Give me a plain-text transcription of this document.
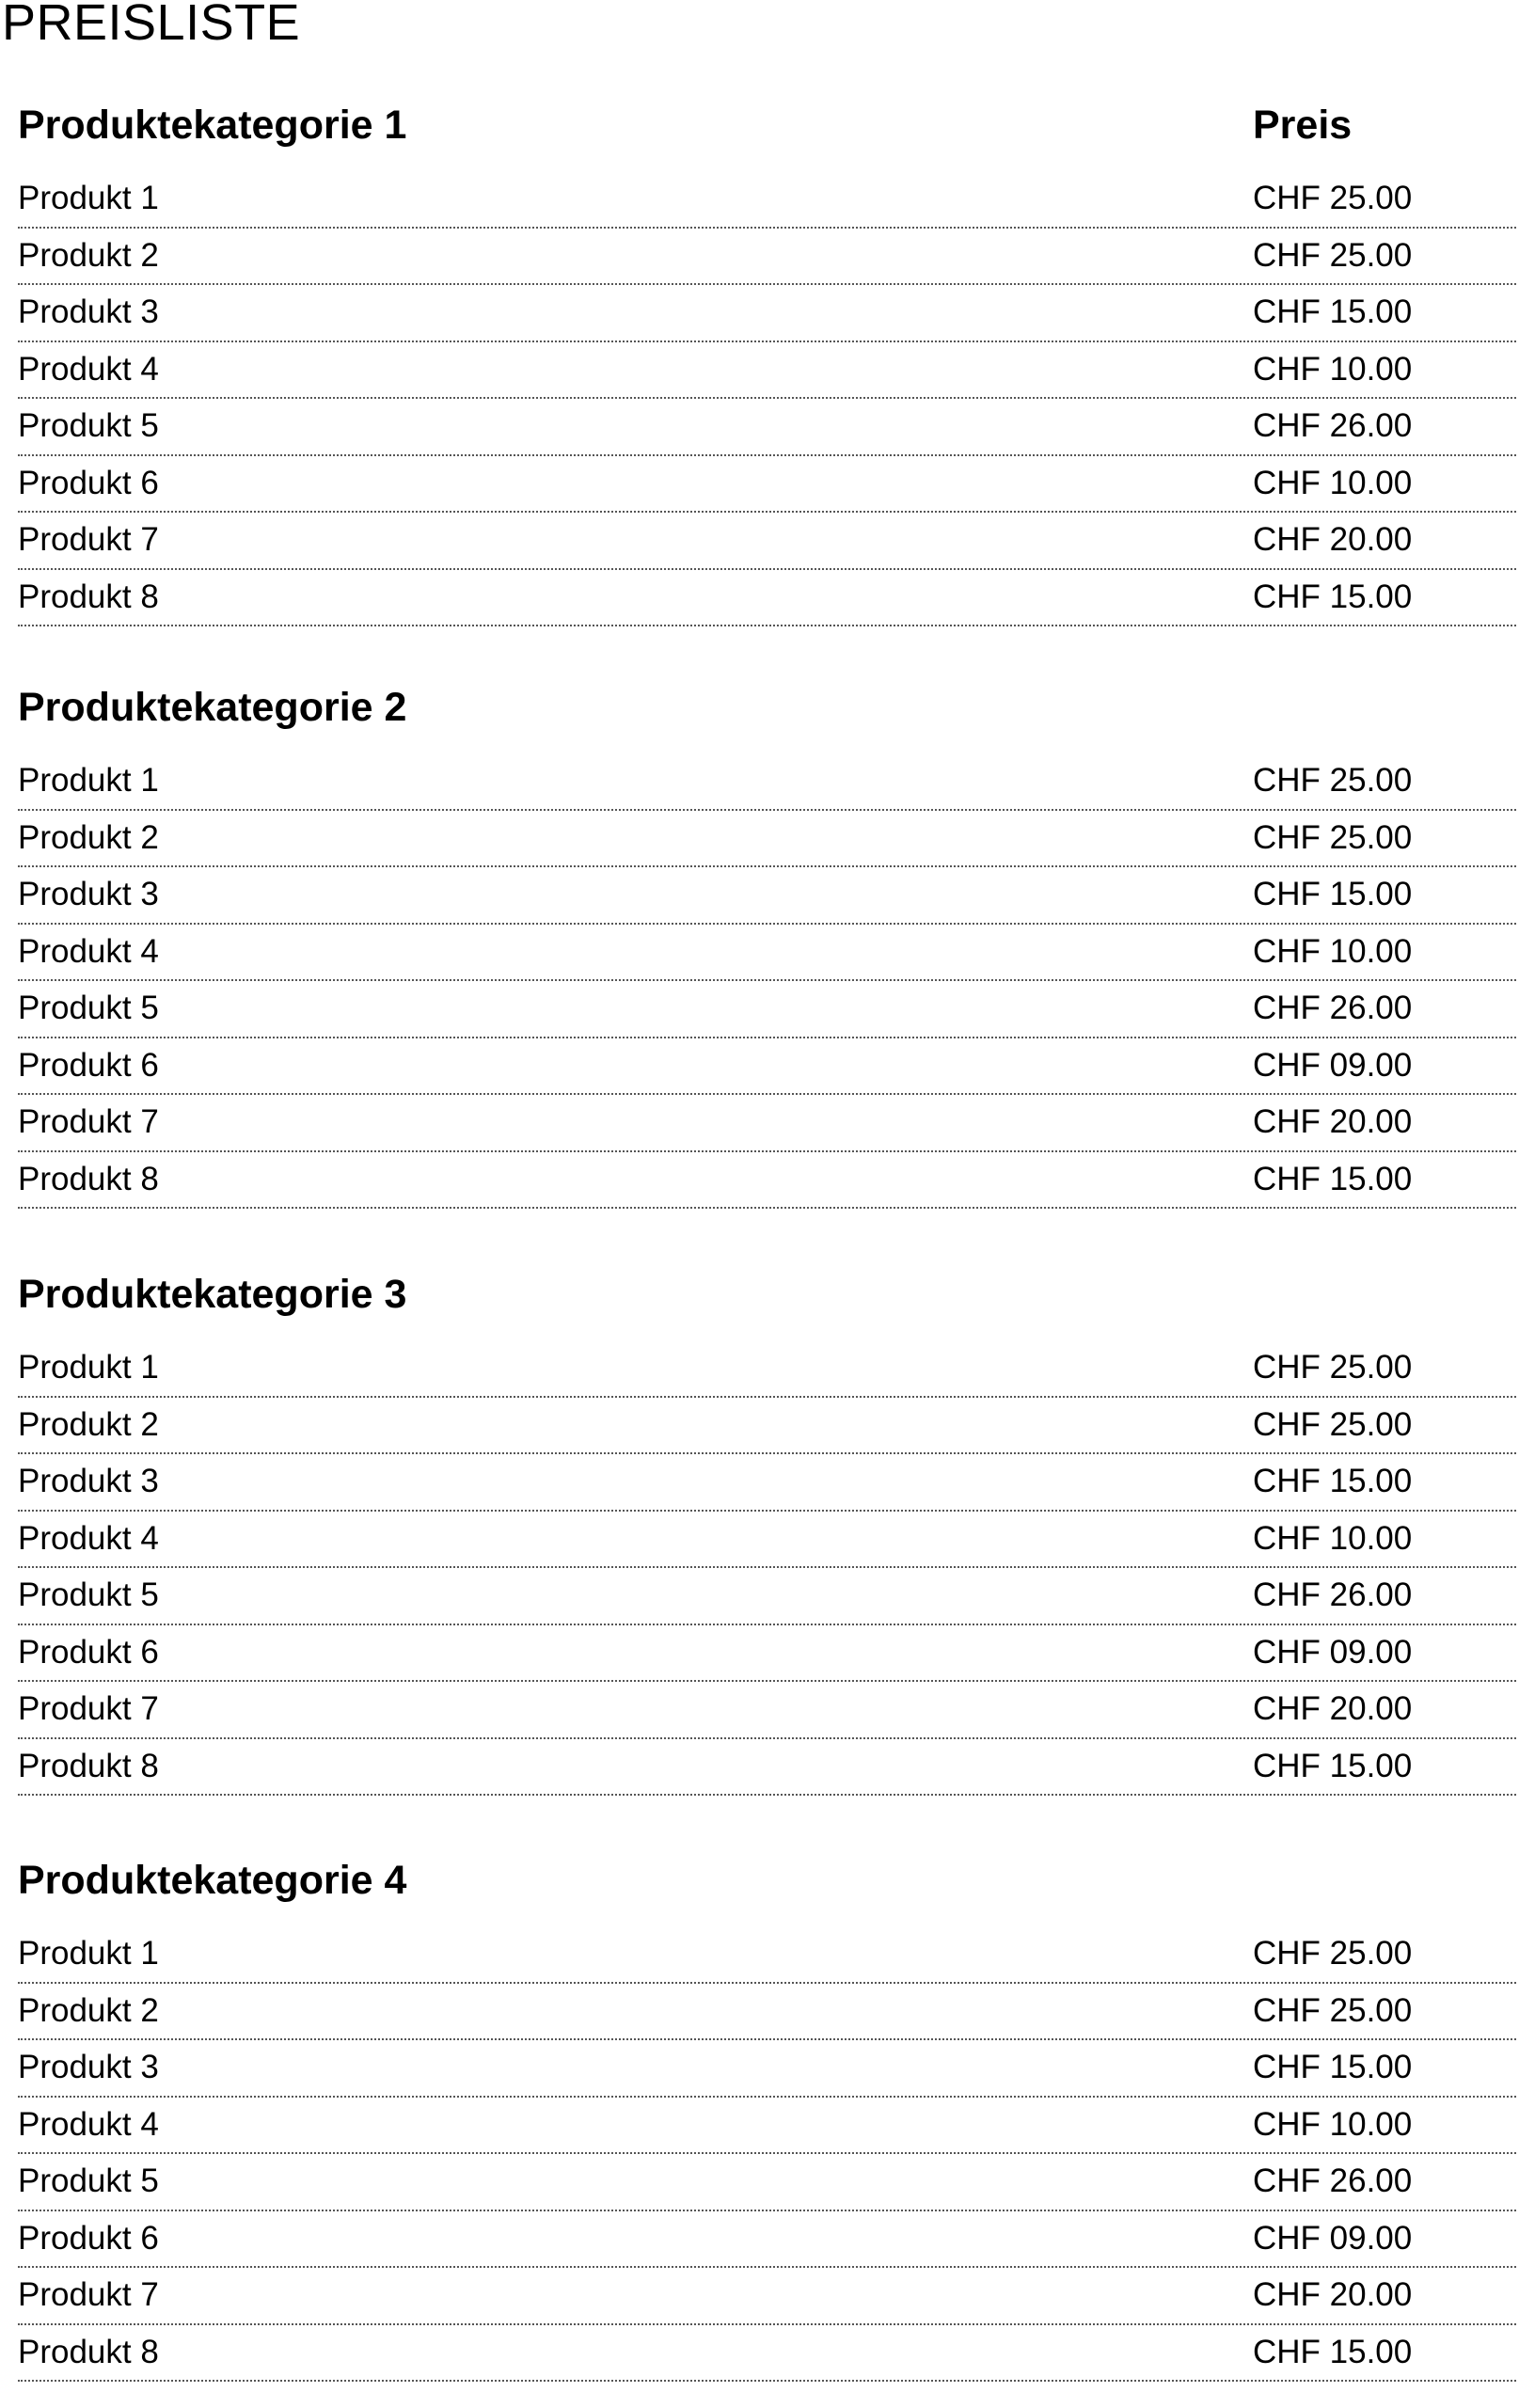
PREISLISTE
Produktekategorie 1	Preis
Produkt 1	CHF 25.00
Produkt 2	CHF 25.00
Produkt 3	CHF 15.00
Produkt 4	CHF 10.00
Produkt 5	CHF 26.00
Produkt 6	CHF 10.00
Produkt 7	CHF 20.00
Produkt 8	CHF 15.00
Produktekategorie 2
Produkt 1	CHF 25.00
Produkt 2	CHF 25.00
Produkt 3	CHF 15.00
Produkt 4	CHF 10.00
Produkt 5	CHF 26.00
Produkt 6	CHF 09.00
Produkt 7	CHF 20.00
Produkt 8	CHF 15.00
Produktekategorie 3
Produkt 1	CHF 25.00
Produkt 2	CHF 25.00
Produkt 3	CHF 15.00
Produkt 4	CHF 10.00
Produkt 5	CHF 26.00
Produkt 6	CHF 09.00
Produkt 7	CHF 20.00
Produkt 8	CHF 15.00
Produktekategorie 4
Produkt 1	CHF 25.00
Produkt 2	CHF 25.00
Produkt 3	CHF 15.00
Produkt 4	CHF 10.00
Produkt 5	CHF 26.00
Produkt 6	CHF 09.00
Produkt 7	CHF 20.00
Produkt 8	CHF 15.00
